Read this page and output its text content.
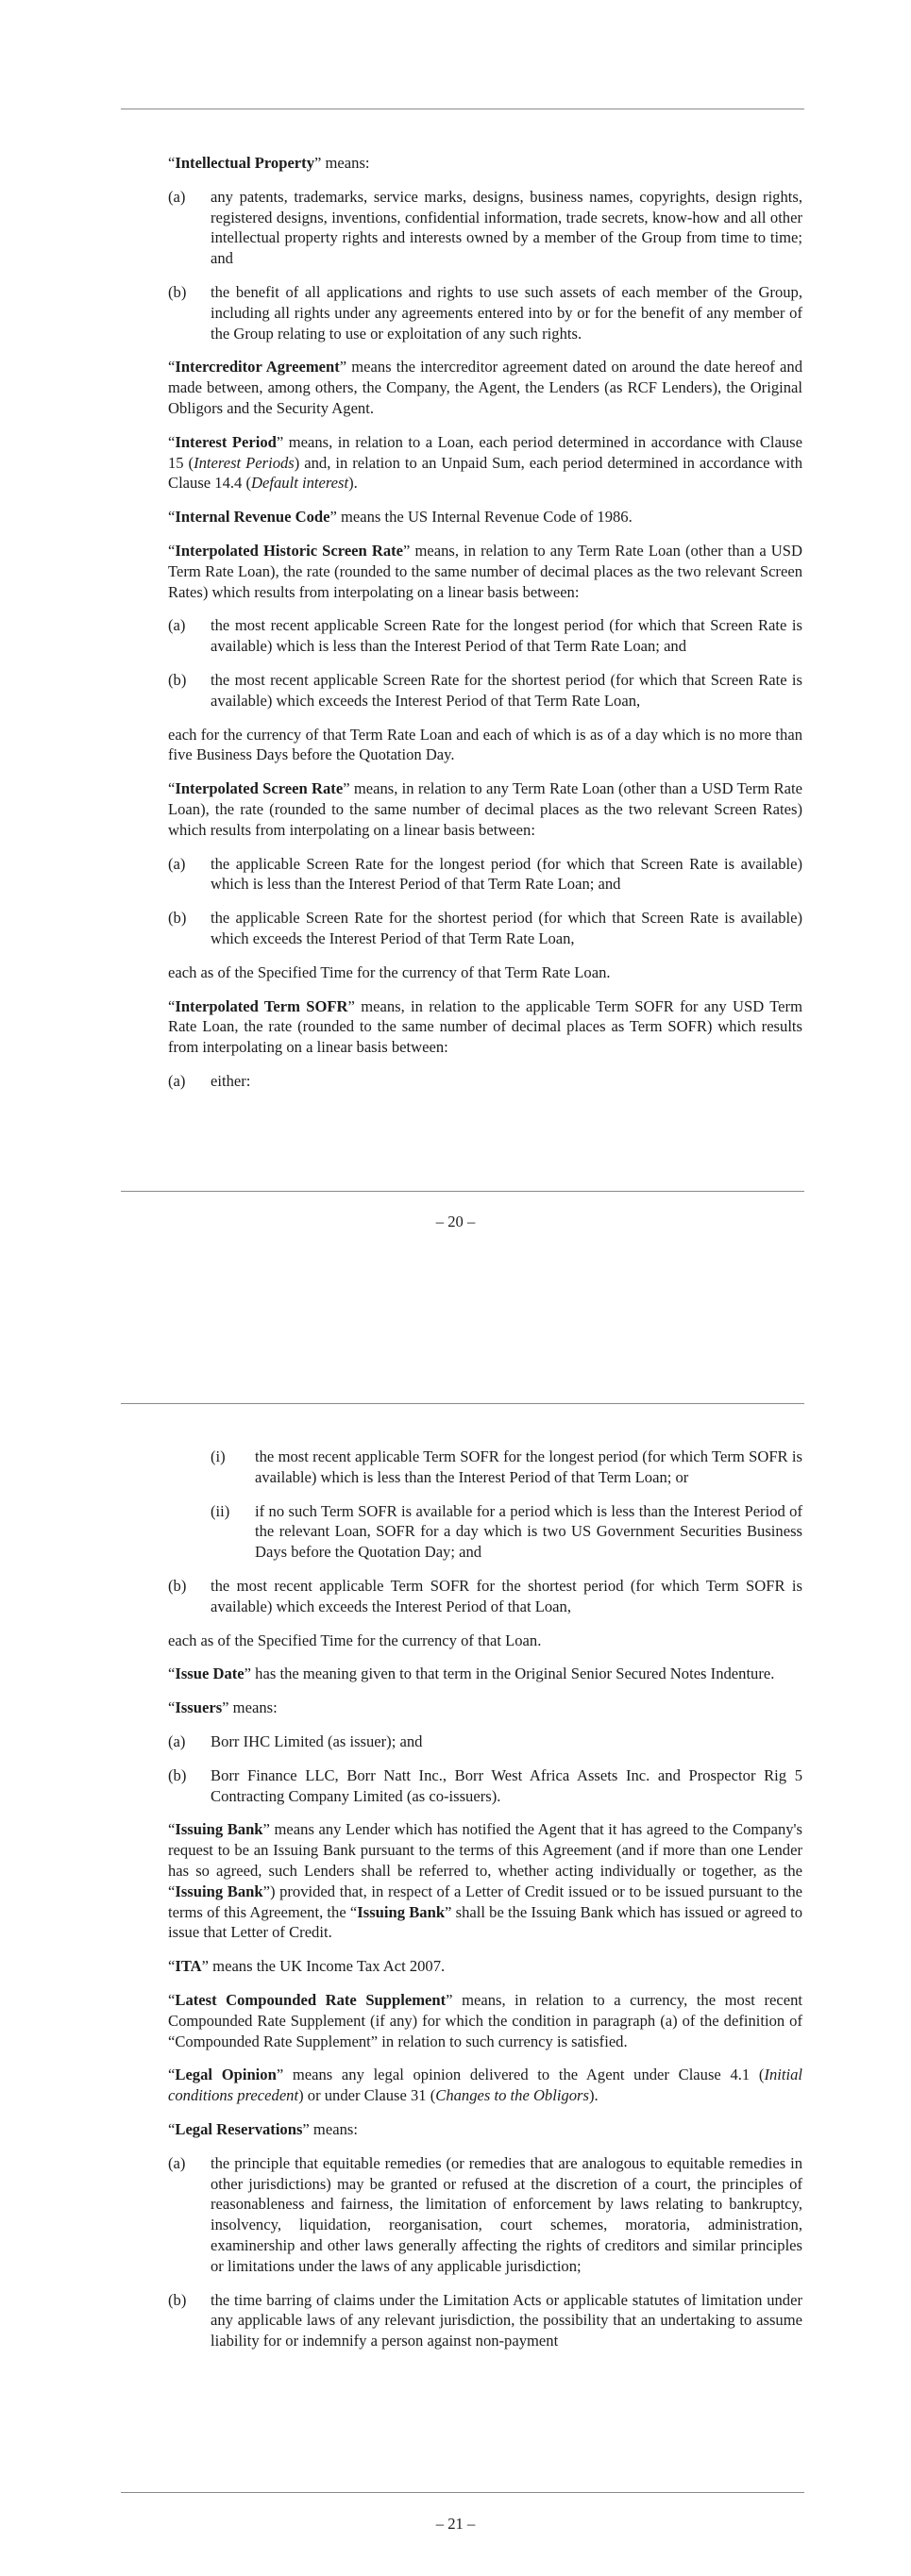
“Intellectual Property” means:

(a)	any patents, trademarks, service marks, designs, business names, copyrights, design rights, registered designs, inventions, confidential information, trade secrets, know-how and all other intellectual property rights and interests owned by a member of the Group from time to time; and
(b)	the benefit of all applications and rights to use such assets of each member of the Group, including all rights under any agreements entered into by or for the benefit of any member of the Group relating to use or exploitation of any such rights.

“Intercreditor Agreement” means the intercreditor agreement dated on around the date hereof and made between, among others, the Company, the Agent, the Lenders (as RCF Lenders), the Original Obligors and the Security Agent.

“Interest Period” means, in relation to a Loan, each period determined in accordance with Clause 15 (Interest Periods) and, in relation to an Unpaid Sum, each period determined in accordance with Clause 14.4 (Default interest).

“Internal Revenue Code” means the US Internal Revenue Code of 1986.

“Interpolated Historic Screen Rate” means, in relation to any Term Rate Loan (other than a USD Term Rate Loan), the rate (rounded to the same number of decimal places as the two relevant Screen Rates) which results from interpolating on a linear basis between:

(a)	the most recent applicable Screen Rate for the longest period (for which that Screen Rate is available) which is less than the Interest Period of that Term Rate Loan; and
(b)	the most recent applicable Screen Rate for the shortest period (for which that Screen Rate is available) which exceeds the Interest Period of that Term Rate Loan,

each for the currency of that Term Rate Loan and each of which is as of a day which is no more than five Business Days before the Quotation Day.

“Interpolated Screen Rate” means, in relation to any Term Rate Loan (other than a USD Term Rate Loan), the rate (rounded to the same number of decimal places as the two relevant Screen Rates) which results from interpolating on a linear basis between:

(a)	the applicable Screen Rate for the longest period (for which that Screen Rate is available) which is less than the Interest Period of that Term Rate Loan; and
(b)	the applicable Screen Rate for the shortest period (for which that Screen Rate is available) which exceeds the Interest Period of that Term Rate Loan,

each as of the Specified Time for the currency of that Term Rate Loan.

“Interpolated Term SOFR” means, in relation to the applicable Term SOFR for any USD Term Rate Loan, the rate (rounded to the same number of decimal places as Term SOFR) which results from interpolating on a linear basis between:

(a)	either:
– 20 –
(i)	the most recent applicable Term SOFR for the longest period (for which Term SOFR is available) which is less than the Interest Period of that Term Loan; or
(ii)	if no such Term SOFR is available for a period which is less than the Interest Period of the relevant Loan, SOFR for a day which is two US Government Securities Business Days before the Quotation Day; and
(b)	the most recent applicable Term SOFR for the shortest period (for which Term SOFR is available) which exceeds the Interest Period of that Loan,

each as of the Specified Time for the currency of that Loan.

“Issue Date” has the meaning given to that term in the Original Senior Secured Notes Indenture.

“Issuers” means:

(a)	Borr IHC Limited (as issuer); and
(b)	Borr Finance LLC, Borr Natt Inc., Borr West Africa Assets Inc. and Prospector Rig 5 Contracting Company Limited (as co-issuers).

“Issuing Bank” means any Lender which has notified the Agent that it has agreed to the Company's request to be an Issuing Bank pursuant to the terms of this Agreement (and if more than one Lender has so agreed, such Lenders shall be referred to, whether acting individually or together, as the “Issuing Bank”) provided that, in respect of a Letter of Credit issued or to be issued pursuant to the terms of this Agreement, the “Issuing Bank” shall be the Issuing Bank which has issued or agreed to issue that Letter of Credit.

“ITA” means the UK Income Tax Act 2007.

“Latest Compounded Rate Supplement” means, in relation to a currency, the most recent Compounded Rate Supplement (if any) for which the condition in paragraph (a) of the definition of “Compounded Rate Supplement” in relation to such currency is satisfied.

“Legal Opinion” means any legal opinion delivered to the Agent under Clause 4.1 (Initial conditions precedent) or under Clause 31 (Changes to the Obligors).

“Legal Reservations” means:

(a)	the principle that equitable remedies (or remedies that are analogous to equitable remedies in other jurisdictions) may be granted or refused at the discretion of a court, the principles of reasonableness and fairness, the limitation of enforcement by laws relating to bankruptcy, insolvency, liquidation, reorganisation, court schemes, moratoria, administration, examinership and other laws generally affecting the rights of creditors and similar principles or limitations under the laws of any applicable jurisdiction;
(b)	the time barring of claims under the Limitation Acts or applicable statutes of limitation under any applicable laws of any relevant jurisdiction, the possibility that an undertaking to assume liability for or indemnify a person against non-payment
– 21 –
